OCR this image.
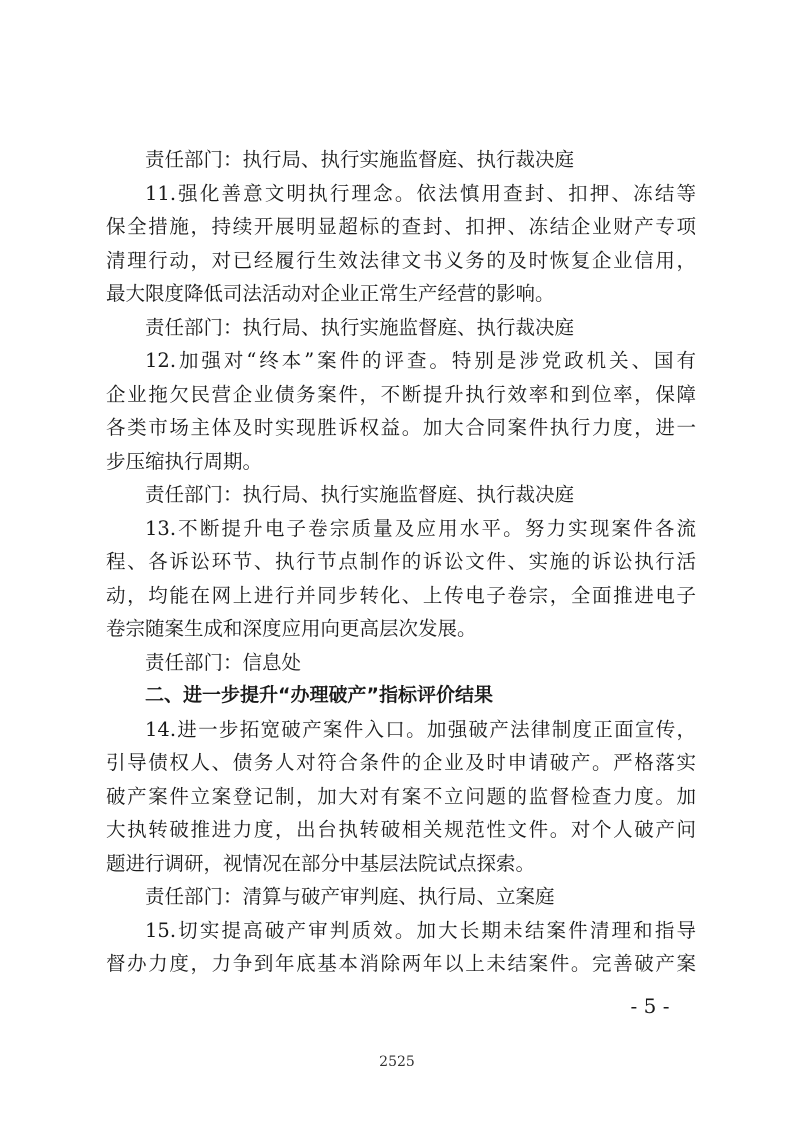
责任部门：执行局、执行实施监督庭、执行裁决庭
11.强化善意文明执行理念。依法慎用查封、扣押、冻结等
保全措施，持续开展明显超标的查封、扣押、冻结企业财产专项
清理行动，对已经履行生效法律文书义务的及时恢复企业信用，
最大限度降低司法活动对企业正常生产经营的影响。
责任部门：执行局、执行实施监督庭、执行裁决庭
12.加强对“终本”案件的评查。特别是涉党政机关、国有
企业拖欠民营企业债务案件，不断提升执行效率和到位率，保障
各类市场主体及时实现胜诉权益。加大合同案件执行力度，进一
步压缩执行周期。
责任部门：执行局、执行实施监督庭、执行裁决庭
13.不断提升电子卷宗质量及应用水平。努力实现案件各流
程、各诉讼环节、执行节点制作的诉讼文件、实施的诉讼执行活
动，均能在网上进行并同步转化、上传电子卷宗，全面推进电子
卷宗随案生成和深度应用向更高层次发展。
责任部门：信息处
二、进一步提升“办理破产”指标评价结果
14.进一步拓宽破产案件入口。加强破产法律制度正面宣传，
引导债权人、债务人对符合条件的企业及时申请破产。严格落实
破产案件立案登记制，加大对有案不立问题的监督检查力度。加
大执转破推进力度，出台执转破相关规范性文件。对个人破产问
题进行调研，视情况在部分中基层法院试点探索。
责任部门：清算与破产审判庭、执行局、立案庭
15.切实提高破产审判质效。加大长期未结案件清理和指导
督办力度，力争到年底基本消除两年以上未结案件。完善破产案
- 5 -
2525
